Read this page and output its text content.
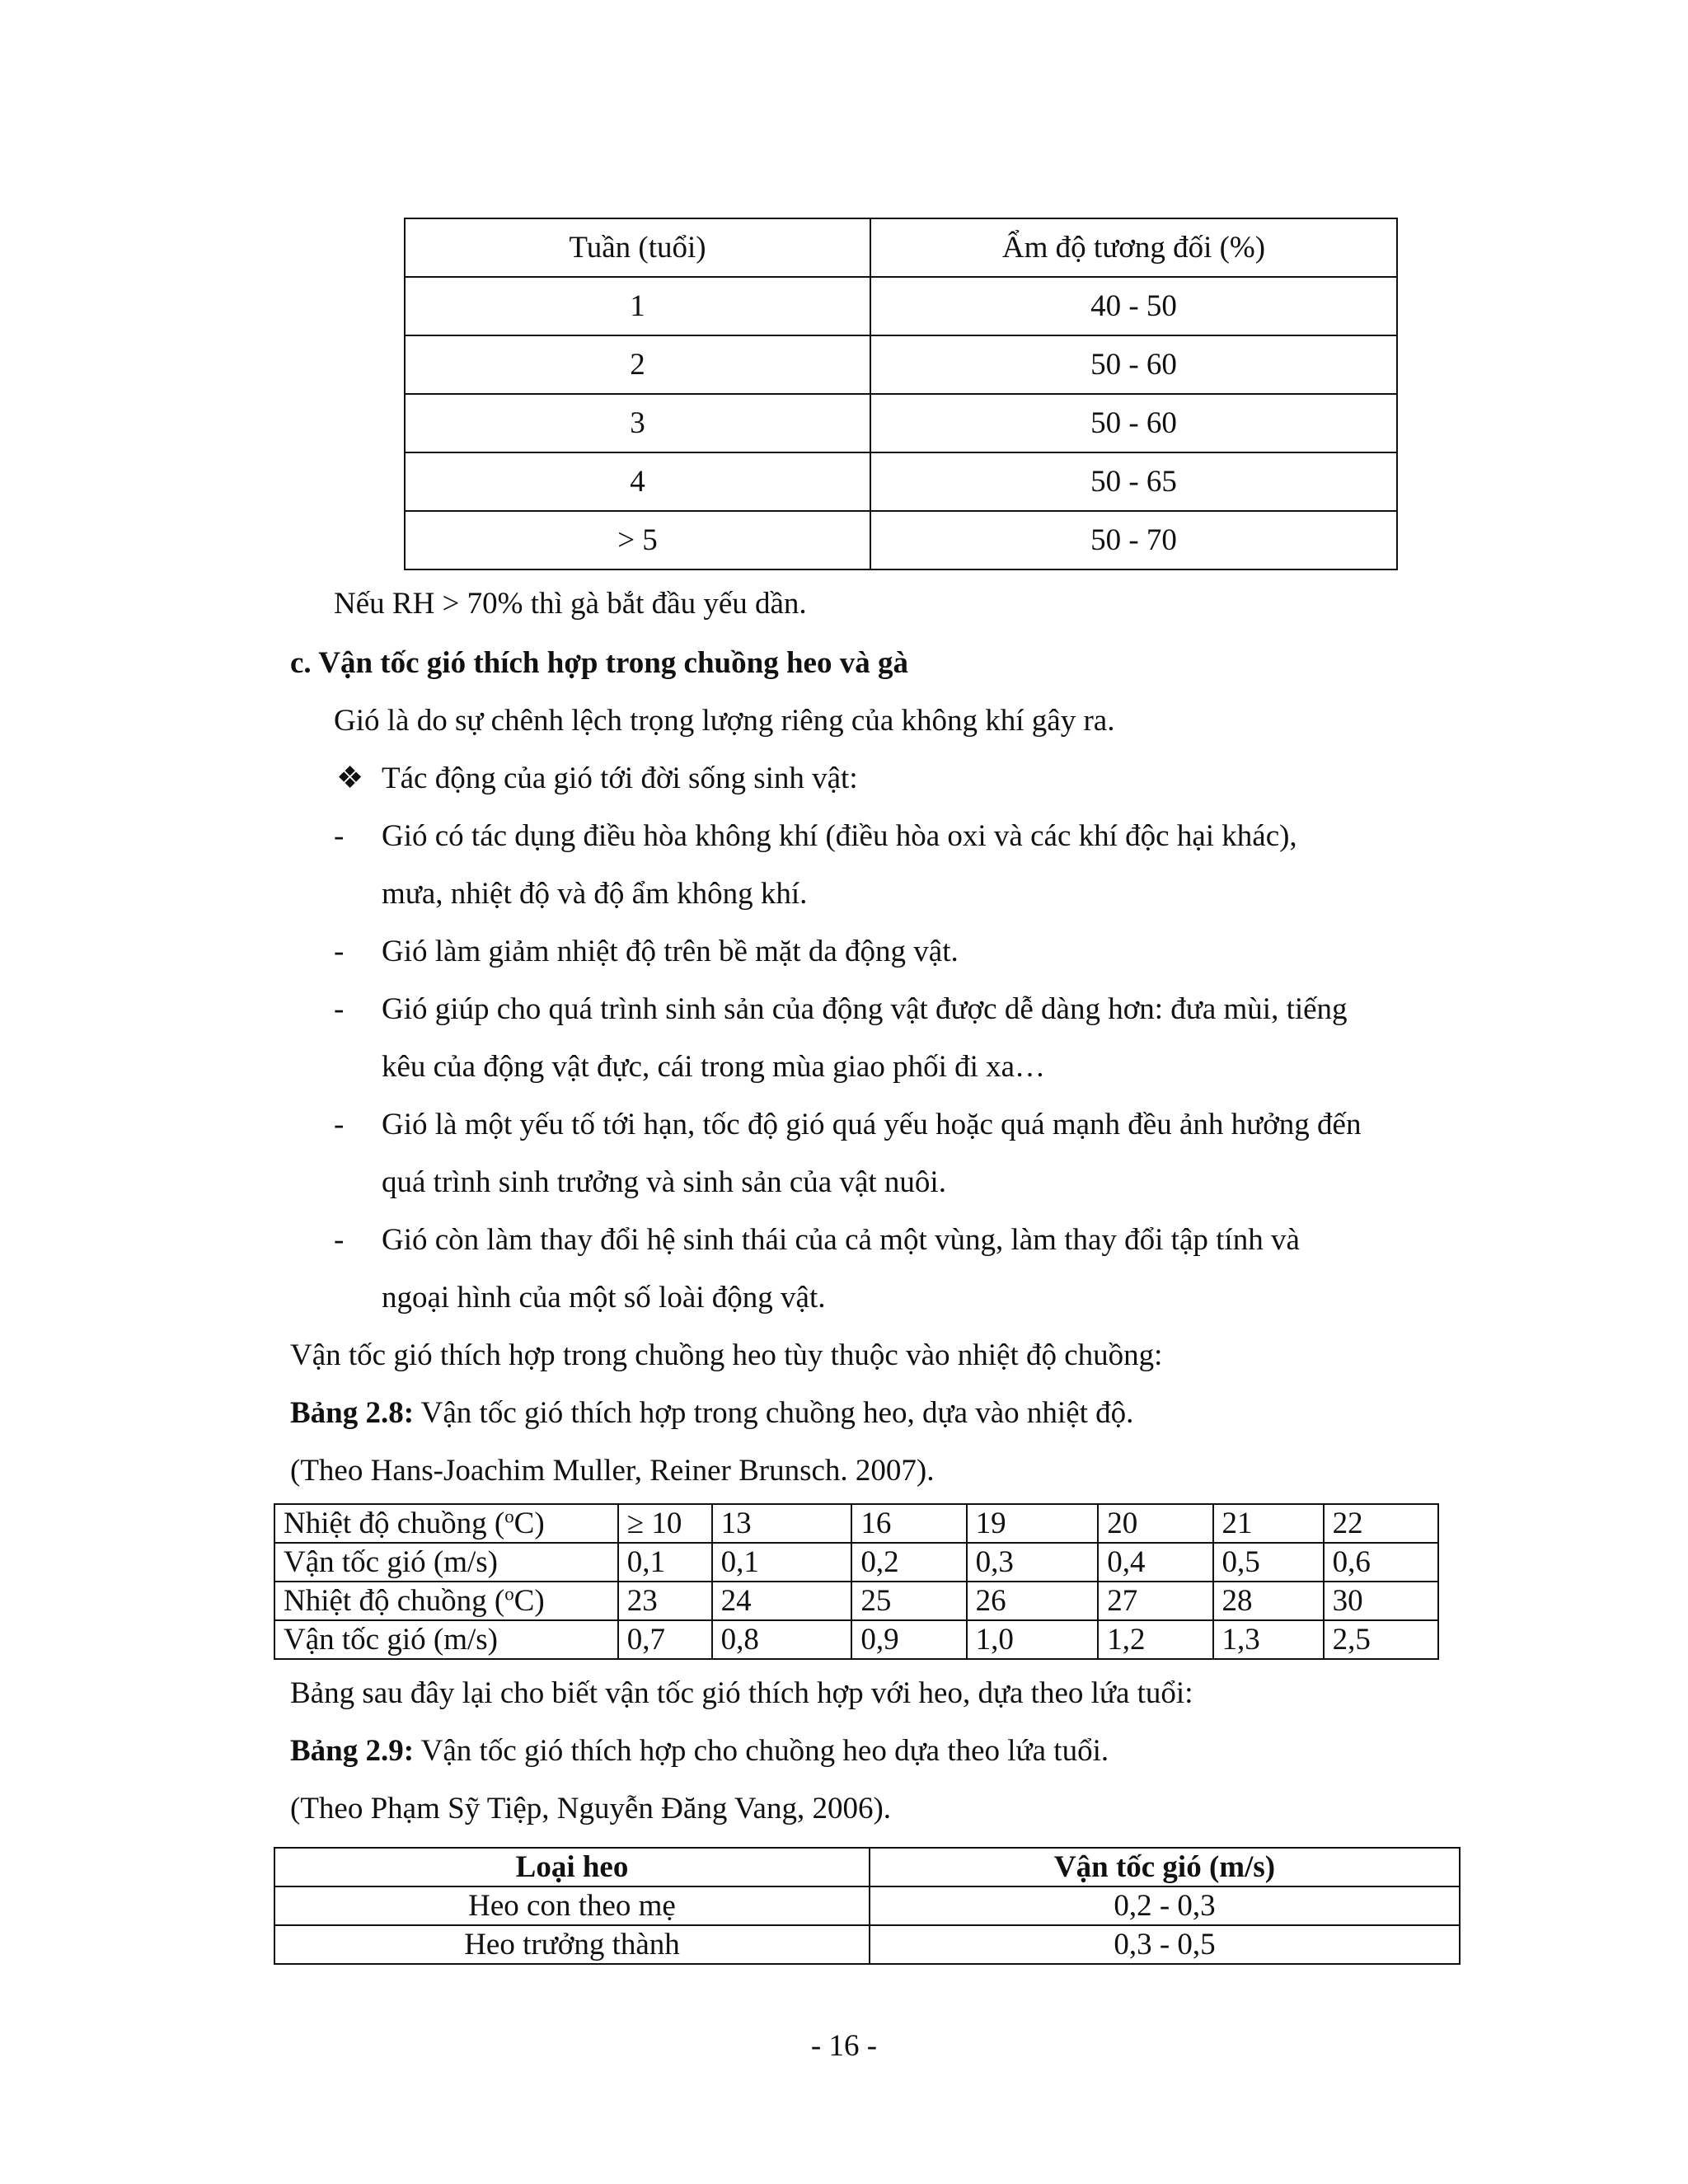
Tuần (tuổi)	Ẩm độ tương đối (%)
1	40 - 50
2	50 - 60
3	50 - 60
4	50 - 65
> 5	50 - 70
Nếu RH > 70% thì gà bắt đầu yếu dần.
c. Vận tốc gió thích hợp trong chuồng heo và gà
Gió là do sự chênh lệch trọng lượng riêng của không khí gây ra.
❖ Tác động của gió tới đời sống sinh vật:
- Gió có tác dụng điều hòa không khí (điều hòa oxi và các khí độc hại khác),
mưa, nhiệt độ và độ ẩm không khí.
- Gió làm giảm nhiệt độ trên bề mặt da động vật.
- Gió giúp cho quá trình sinh sản của động vật được dễ dàng hơn: đưa mùi, tiếng
kêu của động vật đực, cái trong mùa giao phối đi xa…
- Gió là một yếu tố tới hạn, tốc độ gió quá yếu hoặc quá mạnh đều ảnh hưởng đến
quá trình sinh trưởng và sinh sản của vật nuôi.
- Gió còn làm thay đổi hệ sinh thái của cả một vùng, làm thay đổi tập tính và
ngoại hình của một số loài động vật.
Vận tốc gió thích hợp trong chuồng heo tùy thuộc vào nhiệt độ chuồng:
Bảng 2.8: Vận tốc gió thích hợp trong chuồng heo, dựa vào nhiệt độ.
(Theo Hans-Joachim Muller, Reiner Brunsch. 2007).
Nhiệt độ chuồng ($^o$C)	≥ 10	13	16	19	20	21	22
Vận tốc gió (m/s)	0,1	0,1	0,2	0,3	0,4	0,5	0,6
Nhiệt độ chuồng ($^o$C)	23	24	25	26	27	28	30
Vận tốc gió (m/s)	0,7	0,8	0,9	1,0	1,2	1,3	2,5
Bảng sau đây lại cho biết vận tốc gió thích hợp với heo, dựa theo lứa tuổi:
Bảng 2.9: Vận tốc gió thích hợp cho chuồng heo dựa theo lứa tuổi.
(Theo Phạm Sỹ Tiệp, Nguyễn Đăng Vang, 2006).
Loại heo	Vận tốc gió (m/s)
Heo con theo mẹ	0,2 - 0,3
Heo trưởng thành	0,3 - 0,5
- 16 -
